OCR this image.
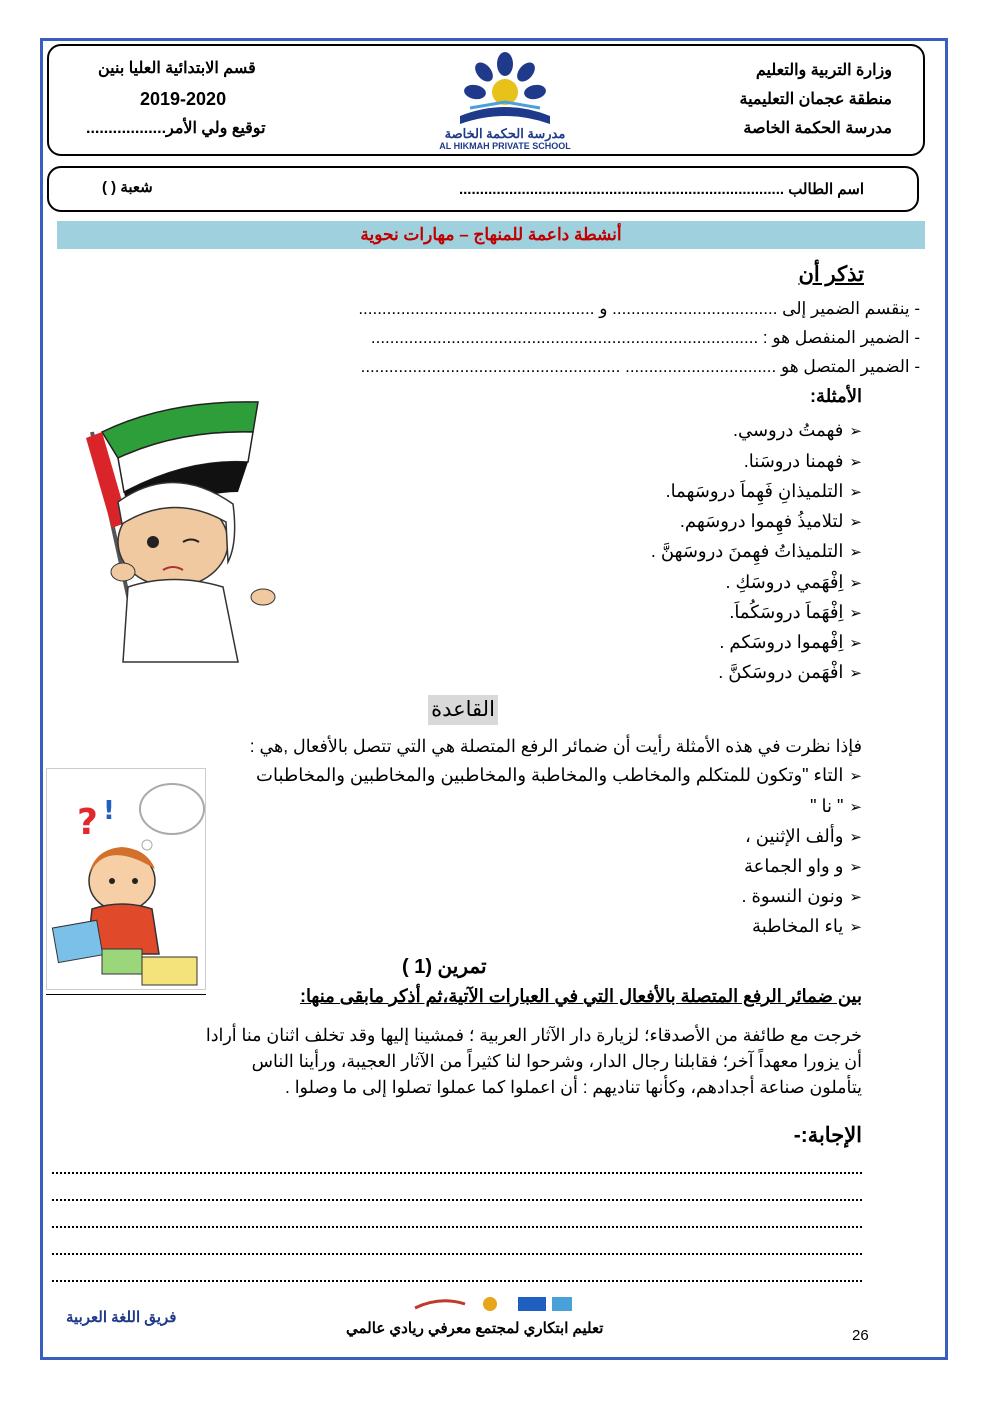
وزارة التربية والتعليم
منطقة عجمان التعليمية
مدرسة الحكمة الخاصة
قسم الابتدائية العليا بنين
2019-2020
توقيع ولي الأمر..................	مدرسة الحكمة الخاصة
AL HIKMAH PRIVATE SCHOOL
اسم الطالب ..............................................................................
شعبة ( )
أنشطة داعمة للمنهاج – مهارات نحوية
تذكر أن
- ينقسم الضمير إلى ................................... و ..................................................
- الضمير المنفصل هو : ..................................................................................
- الضمير المتصل هو ................................ .......................................................
الأمثلة:
➢فهمتُ دروسي.
➢فهمنا دروسَنا.
➢التلميذانِ فَهِماَ دروسَهما.
➢لتلاميذُ فهِموا دروسَهم.
➢التلميذاتُ فهِمنَ دروسَهنَّ .
➢اِفْهَمي دروسَكِ .
➢اِفْهَماَ دروسَكُماَ.
➢اِفْهموا دروسَكم .
➢افْهَمن دروسَكنَّ .
القاعدة
فإذا نظرت في هذه الأمثلة رأيت أن ضمائر الرفع المتصلة هي التي تتصل بالأفعال ,هي :
➢التاء "وتكون للمتكلم والمخاطب والمخاطبة والمخاطبين والمخاطبين والمخاطبات
➢" نا "
➢وألف الإثنين ،
➢و واو الجماعة
➢ونون النسوة .
➢ياء المخاطبة
? !
تمرين (1 )
بين ضمائر الرفع المتصلة بالأفعال التي في العبارات الآتية،ثم أذكر مابقى منها:
خرجت مع طائفة من الأصدقاء؛ لزيارة دار الآثار العربية ؛ فمشينا إليها وقد تخلف اثنان منا أرادا
أن يزورا معهداً آخر؛ فقابلنا رجال الدار، وشرحوا لنا كثيراً من الآثار العجيبة، ورأينا الناس
يتأملون صناعة أجدادهم، وكأنها تناديهم : أن اعملوا كما عملوا تصلوا إلى ما وصلوا .
الإجابة:-
فريق اللغة العربية
تعليم ابتكاري لمجتمع معرفي ريادي عالمي	26
